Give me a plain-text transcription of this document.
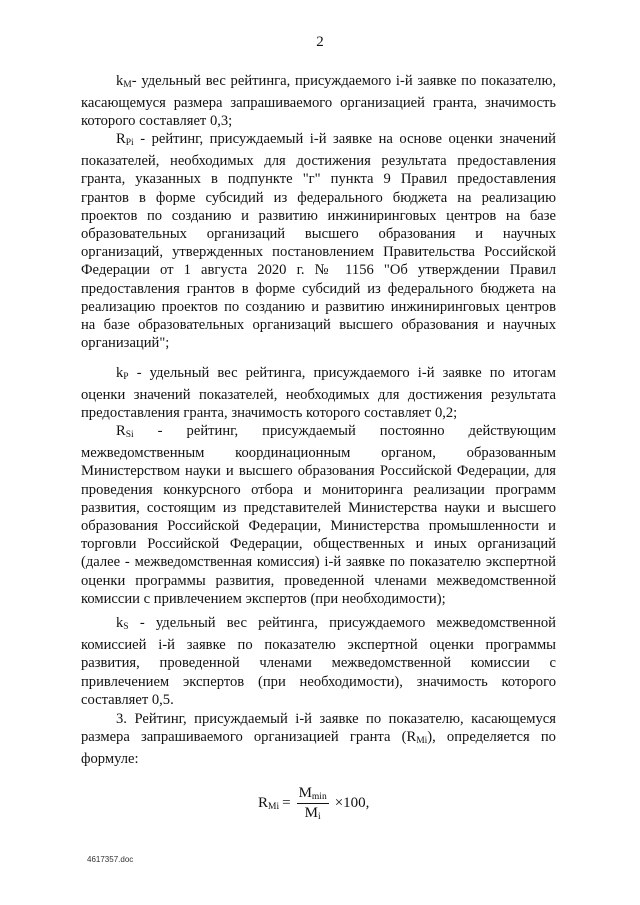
2

$k_M-$ удельный вес рейтинга, присуждаемого i-й заявке по показателю, касающемуся размера запрашиваемого организацией гранта, значимость которого составляет 0,3;

$R_{Pi}$ - рейтинг, присуждаемый i-й заявке на основе оценки значений показателей, необходимых для достижения результата предоставления гранта, указанных в подпункте "г" пункта 9 Правил предоставления грантов в форме субсидий из федерального бюджета на реализацию проектов по созданию и развитию инжиниринговых центров на базе образовательных организаций высшего образования и научных организаций, утвержденных постановлением Правительства Российской Федерации от 1 августа 2020 г. № 1156 "Об утверждении Правил предоставления грантов в форме субсидий из федерального бюджета на реализацию проектов по созданию и развитию инжиниринговых центров на базе образовательных организаций высшего образования и научных организаций";

$k_P$ - удельный вес рейтинга, присуждаемого i-й заявке по итогам оценки значений показателей, необходимых для достижения результата предоставления гранта, значимость которого составляет 0,2;

$R_{Si}$ - рейтинг, присуждаемый постоянно действующим межведомственным координационным органом, образованным Министерством науки и высшего образования Российской Федерации, для проведения конкурсного отбора и мониторинга реализации программ развития, состоящим из представителей Министерства науки и высшего образования Российской Федерации, Министерства промышленности и торговли Российской Федерации, общественных и иных организаций (далее - межведомственная комиссия) i-й заявке по показателю экспертной оценки программы развития, проведенной членами межведомственной комиссии с привлечением экспертов (при необходимости);

$k_S$ - удельный вес рейтинга, присуждаемого межведомственной комиссией i-й заявке по показателю экспертной оценки программы развития, проведенной членами межведомственной комиссии с привлечением экспертов (при необходимости), значимость которого составляет 0,5.

3. Рейтинг, присуждаемый i-й заявке по показателю, касающемуся размера запрашиваемого организацией гранта $(R_{Mi})$, определяется по формуле:

$R_{Mi} = \frac{M_{min}}{M_i} \times 100$,
4617357.doc
